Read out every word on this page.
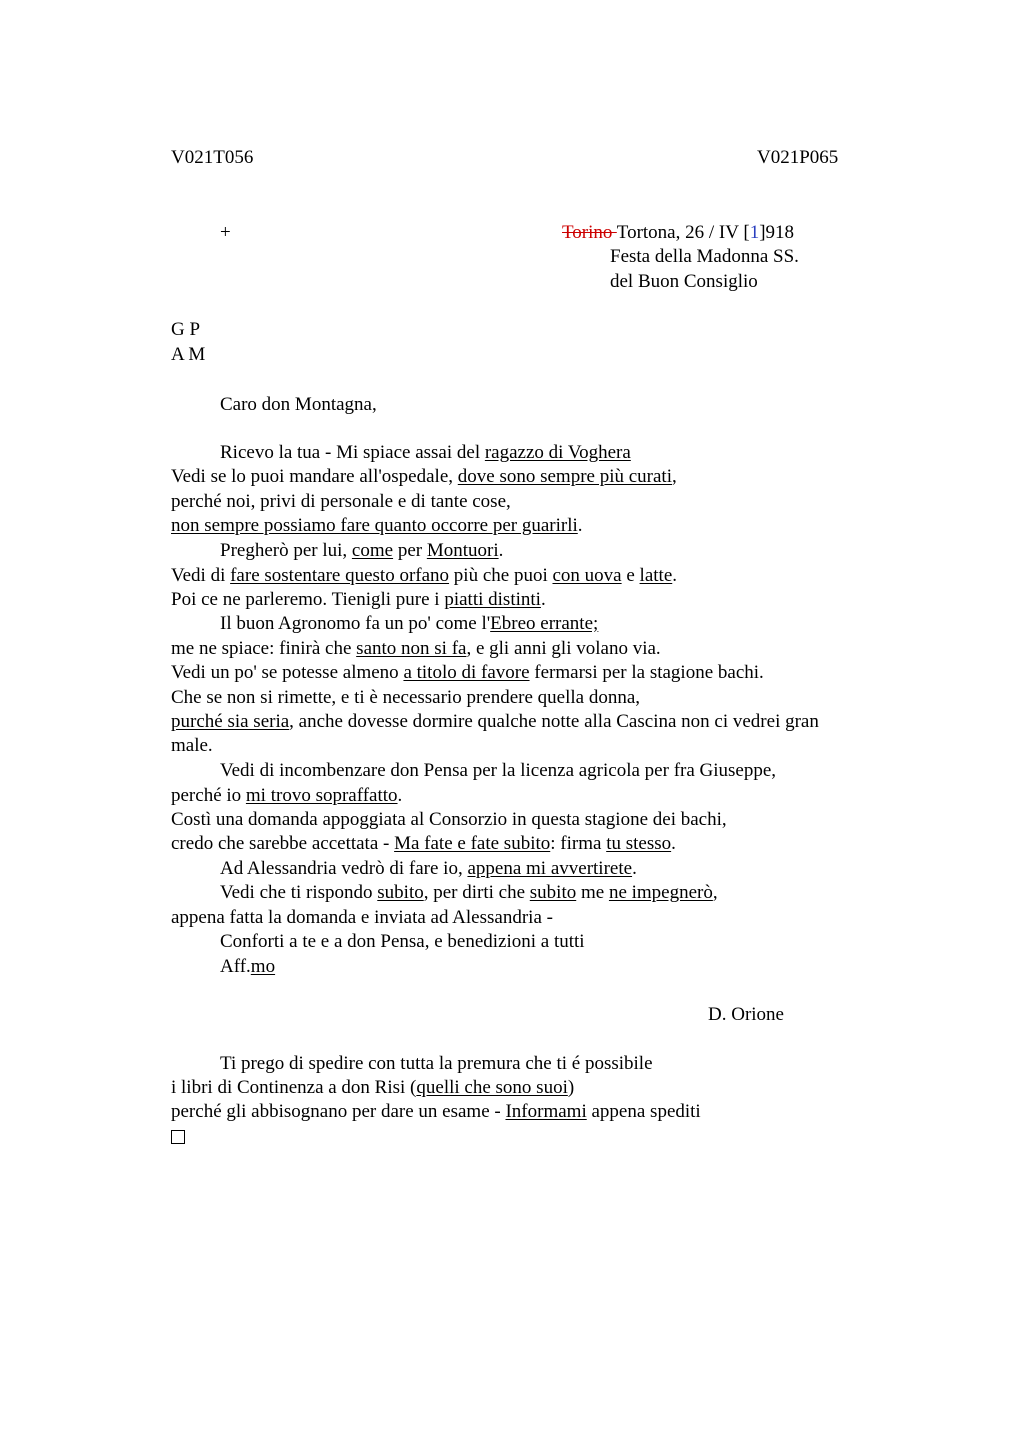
V021T056	V021P065
+	Torino Tortona, 26 / IV [1]918
Festa della Madonna SS.
del Buon Consiglio
G P
A M
Caro don Montagna,
Ricevo la tua - Mi spiace assai del ragazzo di Voghera
Vedi se lo puoi mandare all'ospedale, dove sono sempre più curati,
perché noi, privi di personale e di tante cose,
non sempre possiamo fare quanto occorre per guarirli.
Pregherò per lui, come per Montuori.
Vedi di fare sostentare questo orfano più che puoi con uova e latte.
Poi ce ne parleremo. Tienigli pure i piatti distinti.
Il buon Agronomo fa un po' come l'Ebreo errante;
me ne spiace: finirà che santo non si fa, e gli anni gli volano via.
Vedi un po' se potesse almeno a titolo di favore fermarsi per la stagione bachi.
Che se non si rimette, e ti è necessario prendere quella donna,
purché sia seria, anche dovesse dormire qualche notte alla Cascina non ci vedrei gran
male.
Vedi di incombenzare don Pensa per la licenza agricola per fra Giuseppe,
perché io mi trovo sopraffatto.
Costì una domanda appoggiata al Consorzio in questa stagione dei bachi,
credo che sarebbe accettata - Ma fate e fate subito: firma tu stesso.
Ad Alessandria vedrò di fare io, appena mi avvertirete.
Vedi che ti rispondo subito, per dirti che subito me ne impegnerò,
appena fatta la domanda e inviata ad Alessandria -
Conforti a te e a don Pensa, e benedizioni a tutti
Aff.mo
D. Orione
Ti prego di spedire con tutta la premura che ti é possibile
i libri di Continenza a don Risi (quelli che sono suoi)
perché gli abbisognano per dare un esame - Informami appena spediti
